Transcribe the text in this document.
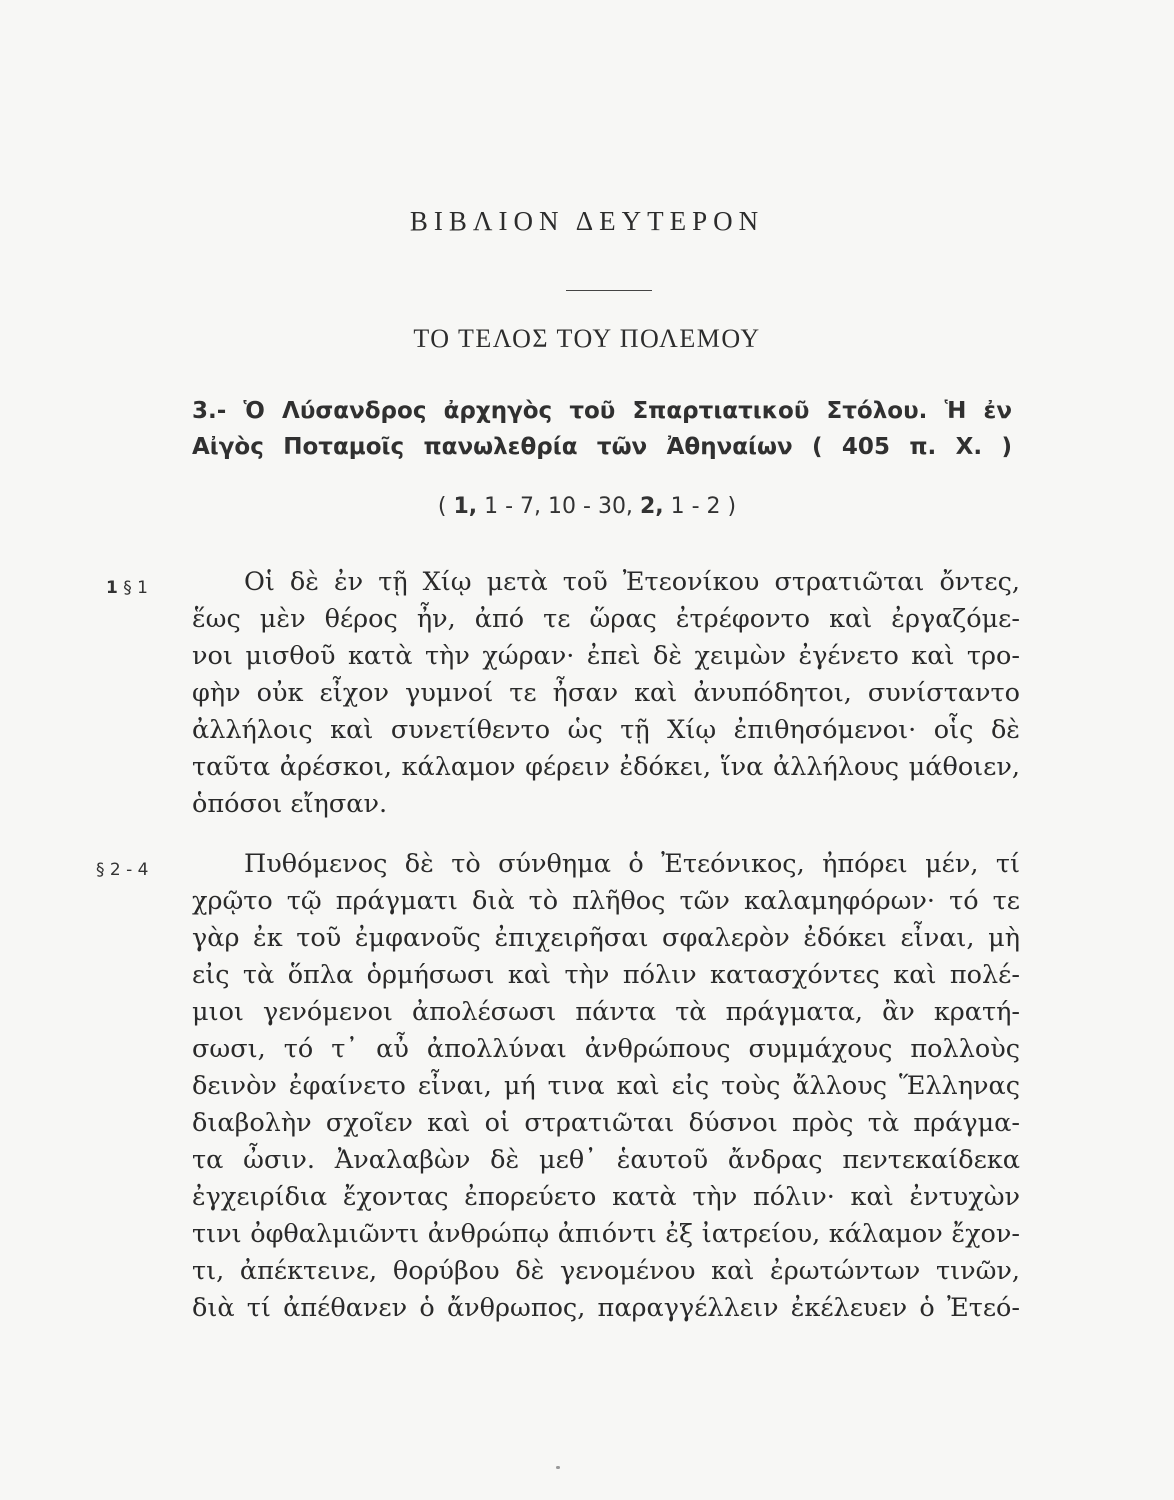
ΒΙΒΛΙΟΝ ΔΕΥΤΕΡΟΝ
ΤΟ ΤΕΛΟΣ ΤΟΥ ΠΟΛΕΜΟΥ
3.- Ὁ Λύσανδρος ἀρχηγὸς τοῦ Σπαρτιατικοῦ Στόλου. Ἡ ἐν
Αἰγὸς Ποταμοῖς πανωλεθρία τῶν Ἀθηναίων ( 405 π. Χ. )
( 1, 1 - 7, 10 - 30, 2, 1 - 2 )
1 § 1	Οἱ δὲ ἐν τῇ Χίῳ μετὰ τοῦ Ἐτεονίκου στρατιῶται ὄντες,
ἕως μὲν θέρος ἦν, ἀπό τε ὥρας ἐτρέφοντο καὶ ἐργαζόμε-
νοι μισθοῦ κατὰ τὴν χώραν· ἐπεὶ δὲ χειμὼν ἐγένετο καὶ τρο-
φὴν οὐκ εἶχον γυμνοί τε ἦσαν καὶ ἀνυπόδητοι, συνίσταντο
ἀλλήλοις καὶ συνετίθεντο ὡς τῇ Χίῳ ἐπιθησόμενοι· οἷς δὲ
ταῦτα ἀρέσκοι, κάλαμον φέρειν ἐδόκει, ἵνα ἀλλήλους μάθοιεν,
ὁπόσοι εἴησαν.
§ 2 - 4	Πυθόμενος δὲ τὸ σύνθημα ὁ Ἐτεόνικος, ἠπόρει μέν, τί
χρῷτο τῷ πράγματι διὰ τὸ πλῆθος τῶν καλαμηφόρων· τό τε
γὰρ ἐκ τοῦ ἐμφανοῦς ἐπιχειρῆσαι σφαλερὸν ἐδόκει εἶναι, μὴ
εἰς τὰ ὅπλα ὁρμήσωσι καὶ τὴν πόλιν κατασχόντες καὶ πολέ-
μιοι γενόμενοι ἀπολέσωσι πάντα τὰ πράγματα, ἂν κρατή-
σωσι, τό τ᾽ αὖ ἀπολλύναι ἀνθρώπους συμμάχους πολλοὺς
δεινὸν ἐφαίνετο εἶναι, μή τινα καὶ εἰς τοὺς ἄλλους Ἕλληνας
διαβολὴν σχοῖεν καὶ οἱ στρατιῶται δύσνοι πρὸς τὰ πράγμα-
τα ὦσιν. Ἀναλαβὼν δὲ μεθ᾽ ἑαυτοῦ ἄνδρας πεντεκαίδεκα
ἐγχειρίδια ἔχοντας ἐπορεύετο κατὰ τὴν πόλιν· καὶ ἐντυχὼν
τινι ὀφθαλμιῶντι ἀνθρώπῳ ἀπιόντι ἐξ ἰατρείου, κάλαμον ἔχον-
τι, ἀπέκτεινε, θορύβου δὲ γενομένου καὶ ἐρωτώντων τινῶν,
διὰ τί ἀπέθανεν ὁ ἄνθρωπος, παραγγέλλειν ἐκέλευεν ὁ Ἐτεό-
